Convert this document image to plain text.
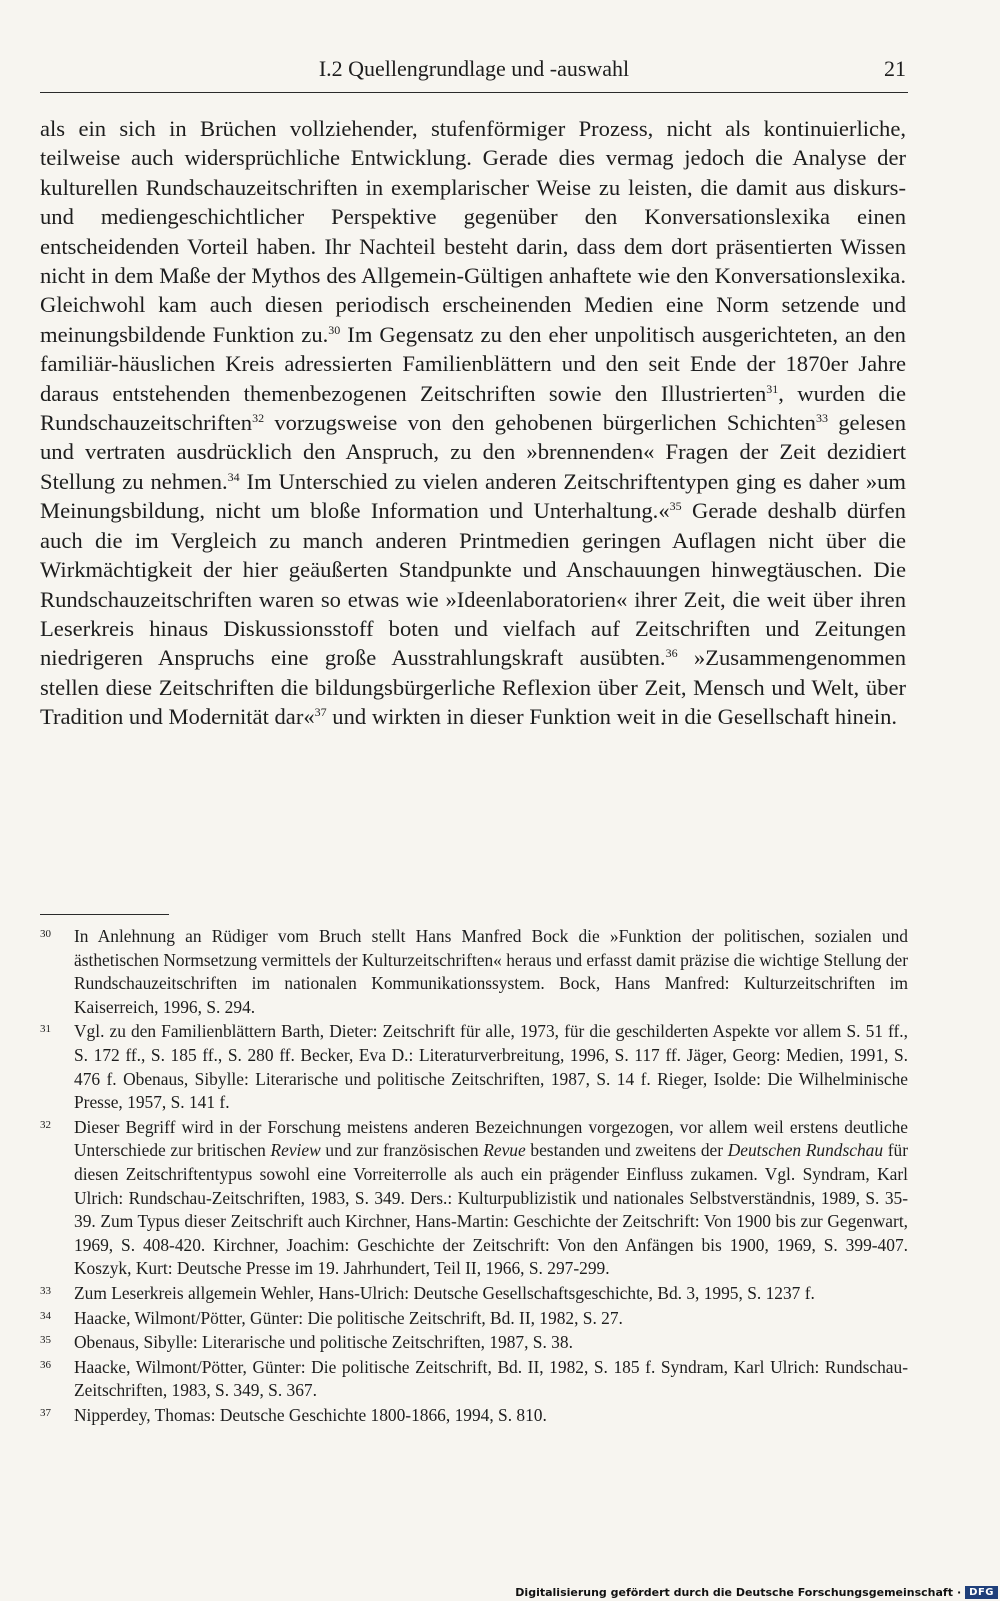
I.2 Quellengrundlage und -auswahl	21

als ein sich in Brüchen vollziehender, stufenförmiger Prozess, nicht als kontinuierliche, teilweise auch widersprüchliche Entwicklung. Gerade dies vermag jedoch die Analyse der kulturellen Rundschauzeitschriften in exemplarischer Weise zu leisten, die damit aus diskurs- und mediengeschichtlicher Perspektive gegenüber den Konversationslexika einen entscheidenden Vorteil haben. Ihr Nachteil besteht darin, dass dem dort präsentierten Wissen nicht in dem Maße der Mythos des Allgemein-Gültigen anhaftete wie den Konversationslexika. Gleichwohl kam auch diesen periodisch erscheinenden Medien eine Norm setzende und meinungsbildende Funktion zu.$^{30}$ Im Gegensatz zu den eher unpolitisch ausgerichteten, an den familiär-häuslichen Kreis adressierten Familienblättern und den seit Ende der 1870er Jahre daraus entstehenden themenbezogenen Zeitschriften sowie den Illustrierten$^{31}$, wurden die Rundschauzeitschriften$^{32}$ vorzugsweise von den gehobenen bürgerlichen Schichten$^{33}$ gelesen und vertraten ausdrücklich den Anspruch, zu den »brennenden« Fragen der Zeit dezidiert Stellung zu nehmen.$^{34}$ Im Unterschied zu vielen anderen Zeitschriftentypen ging es daher »um Meinungsbildung, nicht um bloße Information und Unterhaltung.«$^{35}$ Gerade deshalb dürfen auch die im Vergleich zu manch anderen Printmedien geringen Auflagen nicht über die Wirkmächtigkeit der hier geäußerten Standpunkte und Anschauungen hinwegtäuschen. Die Rundschauzeitschriften waren so etwas wie »Ideenlaboratorien« ihrer Zeit, die weit über ihren Leserkreis hinaus Diskussionsstoff boten und vielfach auf Zeitschriften und Zeitungen niedrigeren Anspruchs eine große Ausstrahlungskraft ausübten.$^{36}$ »Zusammengenommen stellen diese Zeitschriften die bildungsbürgerliche Reflexion über Zeit, Mensch und Welt, über Tradition und Modernität dar«$^{37}$ und wirkten in dieser Funktion weit in die Gesellschaft hinein.

30 In Anlehnung an Rüdiger vom Bruch stellt Hans Manfred Bock die »Funktion der politischen, sozialen und ästhetischen Normsetzung vermittels der Kulturzeitschriften« heraus und erfasst damit präzise die wichtige Stellung der Rundschauzeitschriften im nationalen Kommunikationssystem. Bock, Hans Manfred: Kulturzeitschriften im Kaiserreich, 1996, S. 294.
31 Vgl. zu den Familienblättern Barth, Dieter: Zeitschrift für alle, 1973, für die geschilderten Aspekte vor allem S. 51 ff., S. 172 ff., S. 185 ff., S. 280 ff. Becker, Eva D.: Literaturverbreitung, 1996, S. 117 ff. Jäger, Georg: Medien, 1991, S. 476 f. Obenaus, Sibylle: Literarische und politische Zeitschriften, 1987, S. 14 f. Rieger, Isolde: Die Wilhelminische Presse, 1957, S. 141 f.
32 Dieser Begriff wird in der Forschung meistens anderen Bezeichnungen vorgezogen, vor allem weil erstens deutliche Unterschiede zur britischen Review und zur französischen Revue bestanden und zweitens der Deutschen Rundschau für diesen Zeitschriftentypus sowohl eine Vorreiterrolle als auch ein prägender Einfluss zukamen. Vgl. Syndram, Karl Ulrich: Rundschau-Zeitschriften, 1983, S. 349. Ders.: Kulturpublizistik und nationales Selbstverständnis, 1989, S. 35-39. Zum Typus dieser Zeitschrift auch Kirchner, Hans-Martin: Geschichte der Zeitschrift: Von 1900 bis zur Gegenwart, 1969, S. 408-420. Kirchner, Joachim: Geschichte der Zeitschrift: Von den Anfängen bis 1900, 1969, S. 399-407. Koszyk, Kurt: Deutsche Presse im 19. Jahrhundert, Teil II, 1966, S. 297-299.
33 Zum Leserkreis allgemein Wehler, Hans-Ulrich: Deutsche Gesellschaftsgeschichte, Bd. 3, 1995, S. 1237 f.
34 Haacke, Wilmont/Pötter, Günter: Die politische Zeitschrift, Bd. II, 1982, S. 27.
35 Obenaus, Sibylle: Literarische und politische Zeitschriften, 1987, S. 38.
36 Haacke, Wilmont/Pötter, Günter: Die politische Zeitschrift, Bd. II, 1982, S. 185 f. Syndram, Karl Ulrich: Rundschau-Zeitschriften, 1983, S. 349, S. 367.
37 Nipperdey, Thomas: Deutsche Geschichte 1800-1866, 1994, S. 810.
Digitalisierung gefördert durch die Deutsche Forschungsgemeinschaft · DFG
